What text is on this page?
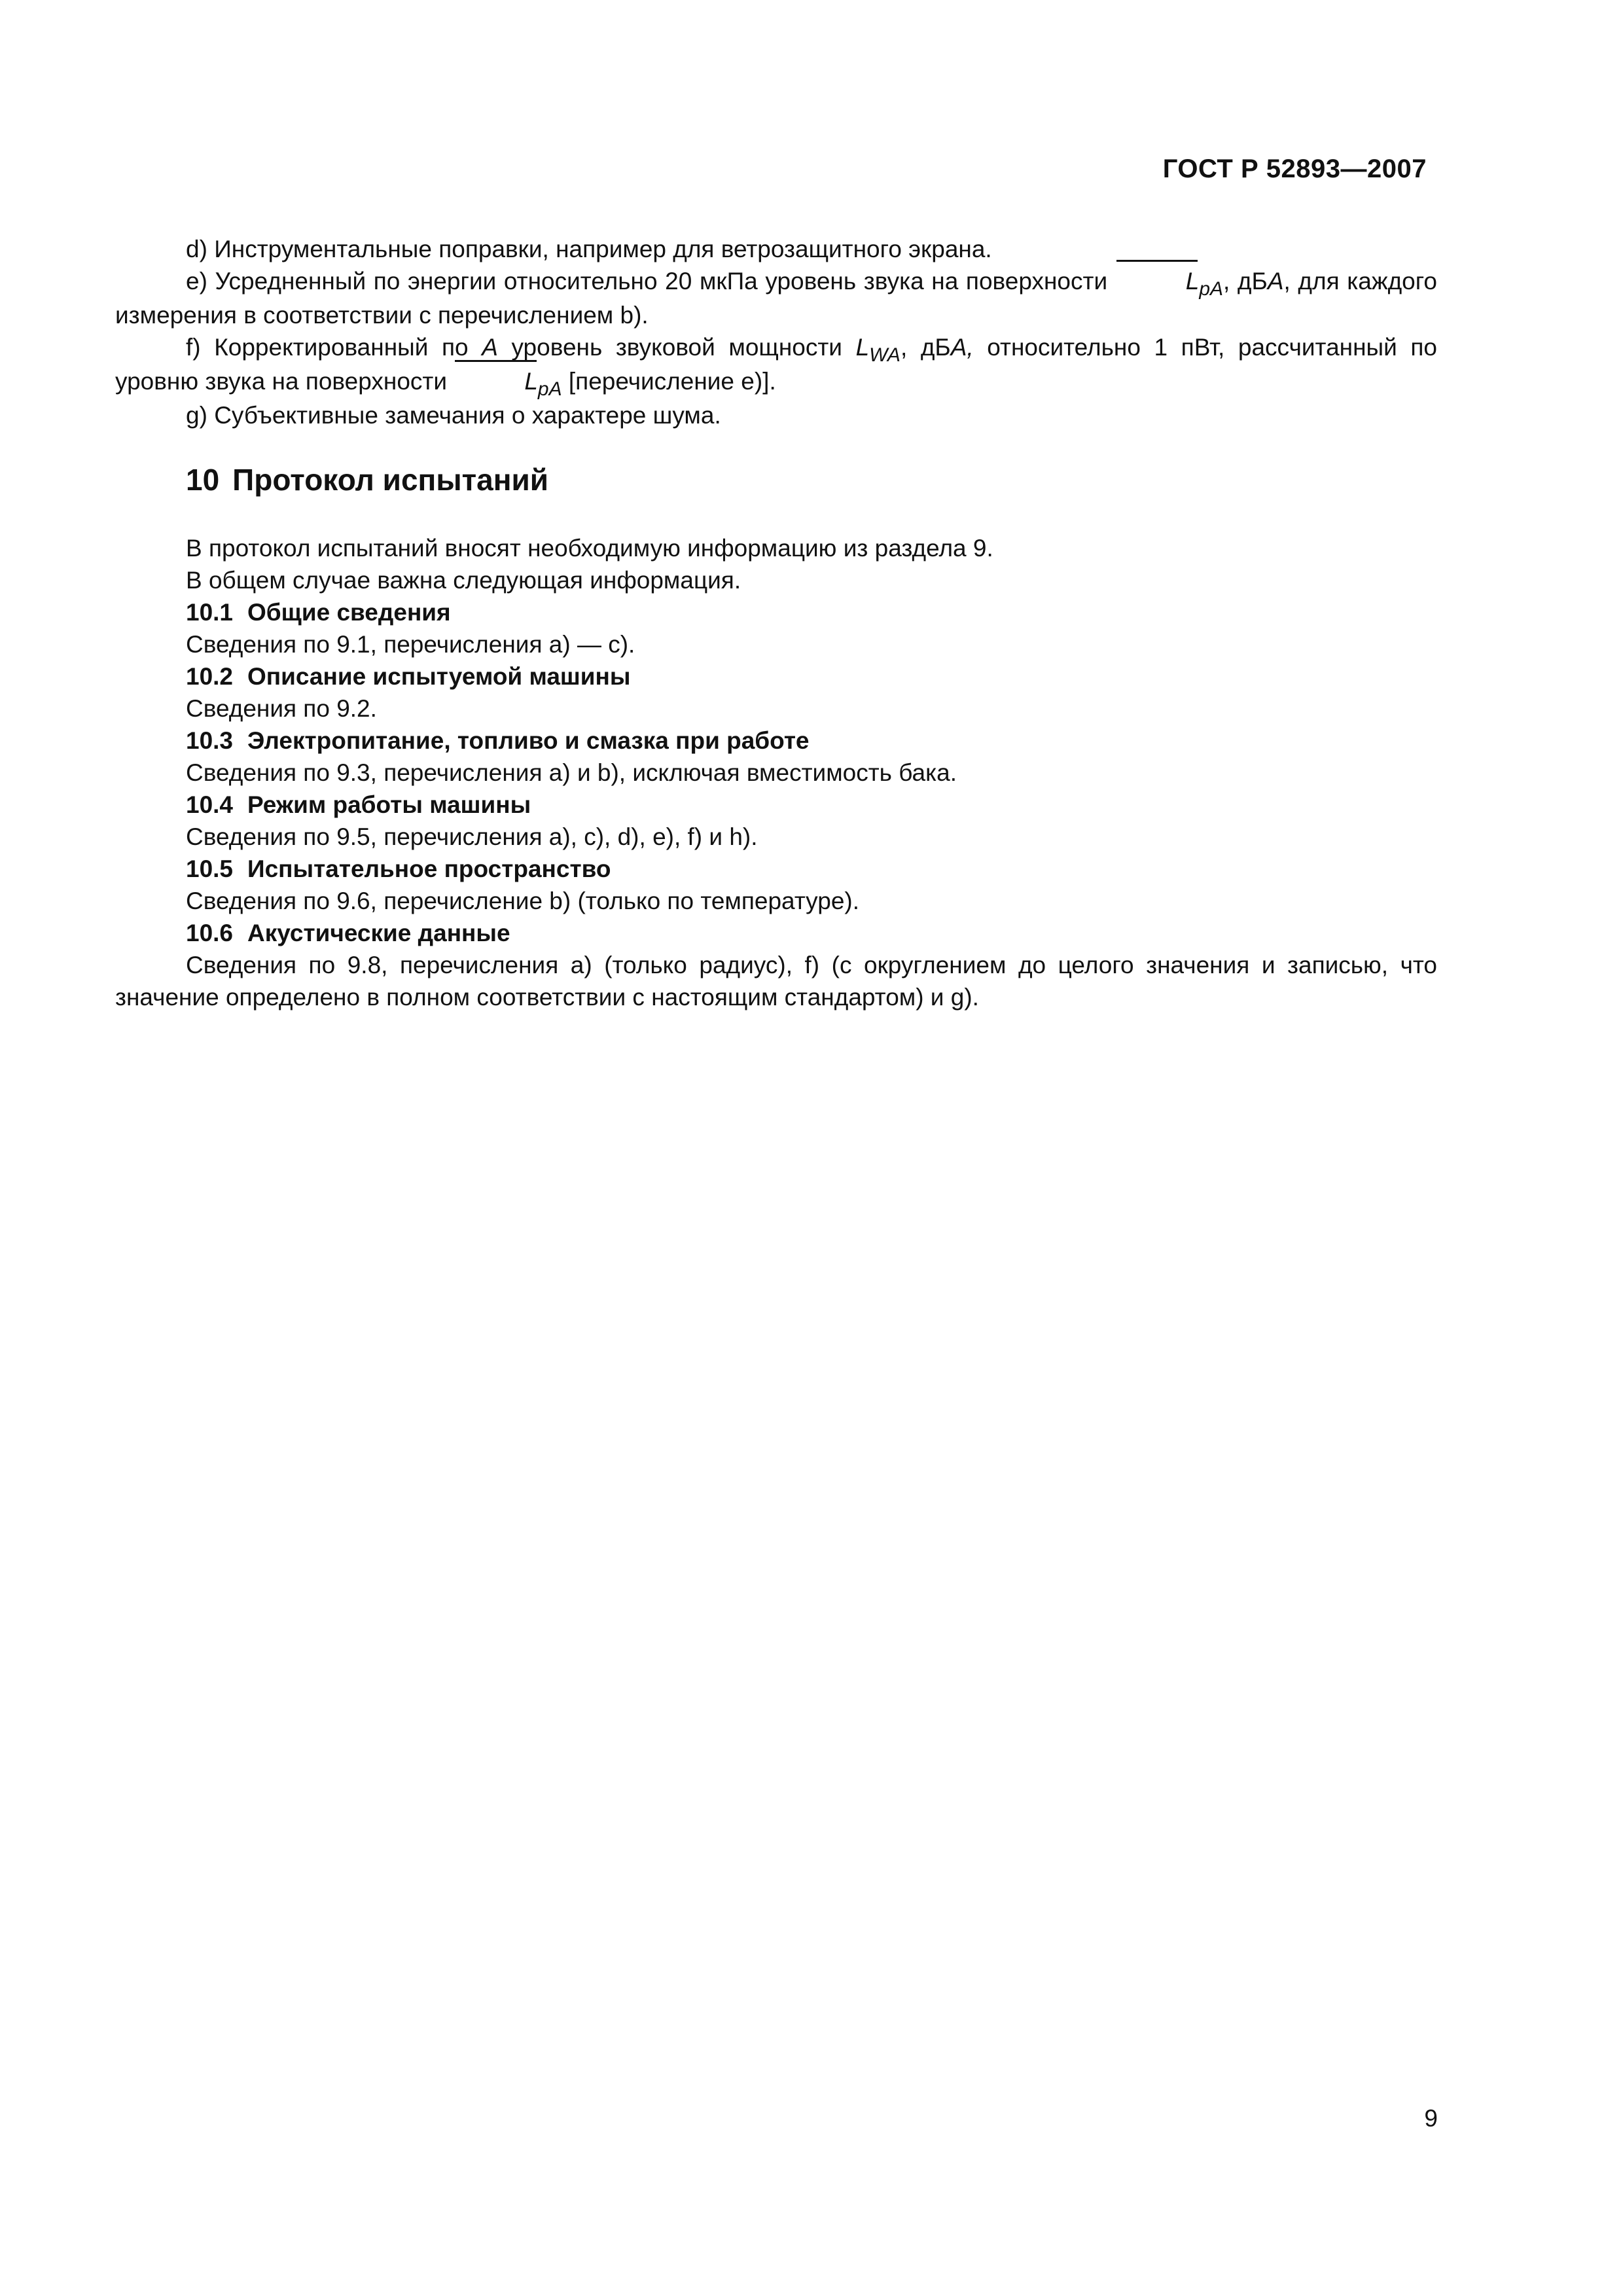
ГОСТ Р 52893—2007

d) Инструментальные поправки, например для ветрозащитного экрана.

e) Усредненный по энергии относительно 20 мкПа уровень звука на поверхности	$L_{pA}$, дБA, для каждого измерения в соответствии с перечислением b).

f) Корректированный по A уровень звуковой мощности $L_{WA}$, дБA, относительно 1 пВт, рассчитанный по уровню звука на поверхности	$L_{pA}$ [перечисление е)].

g) Субъективные замечания о характере шума.

10 Протокол испытаний
В протокол испытаний вносят необходимую информацию из раздела 9.
В общем случае важна следующая информация.
10.1 Общие сведения
Сведения по 9.1, перечисления a) — c).
10.2 Описание испытуемой машины
Сведения по 9.2.
10.3 Электропитание, топливо и смазка при работе
Сведения по 9.3, перечисления a) и b), исключая вместимость бака.
10.4 Режим работы машины
Сведения по 9.5, перечисления a), c), d), e), f) и h).
10.5 Испытательное пространство
Сведения по 9.6, перечисление b) (только по температуре).
10.6 Акустические данные

Сведения по 9.8, перечисления a) (только радиус), f) (с округлением до целого значения и записью, что значение определено в полном соответствии с настоящим стандартом) и g).

9
